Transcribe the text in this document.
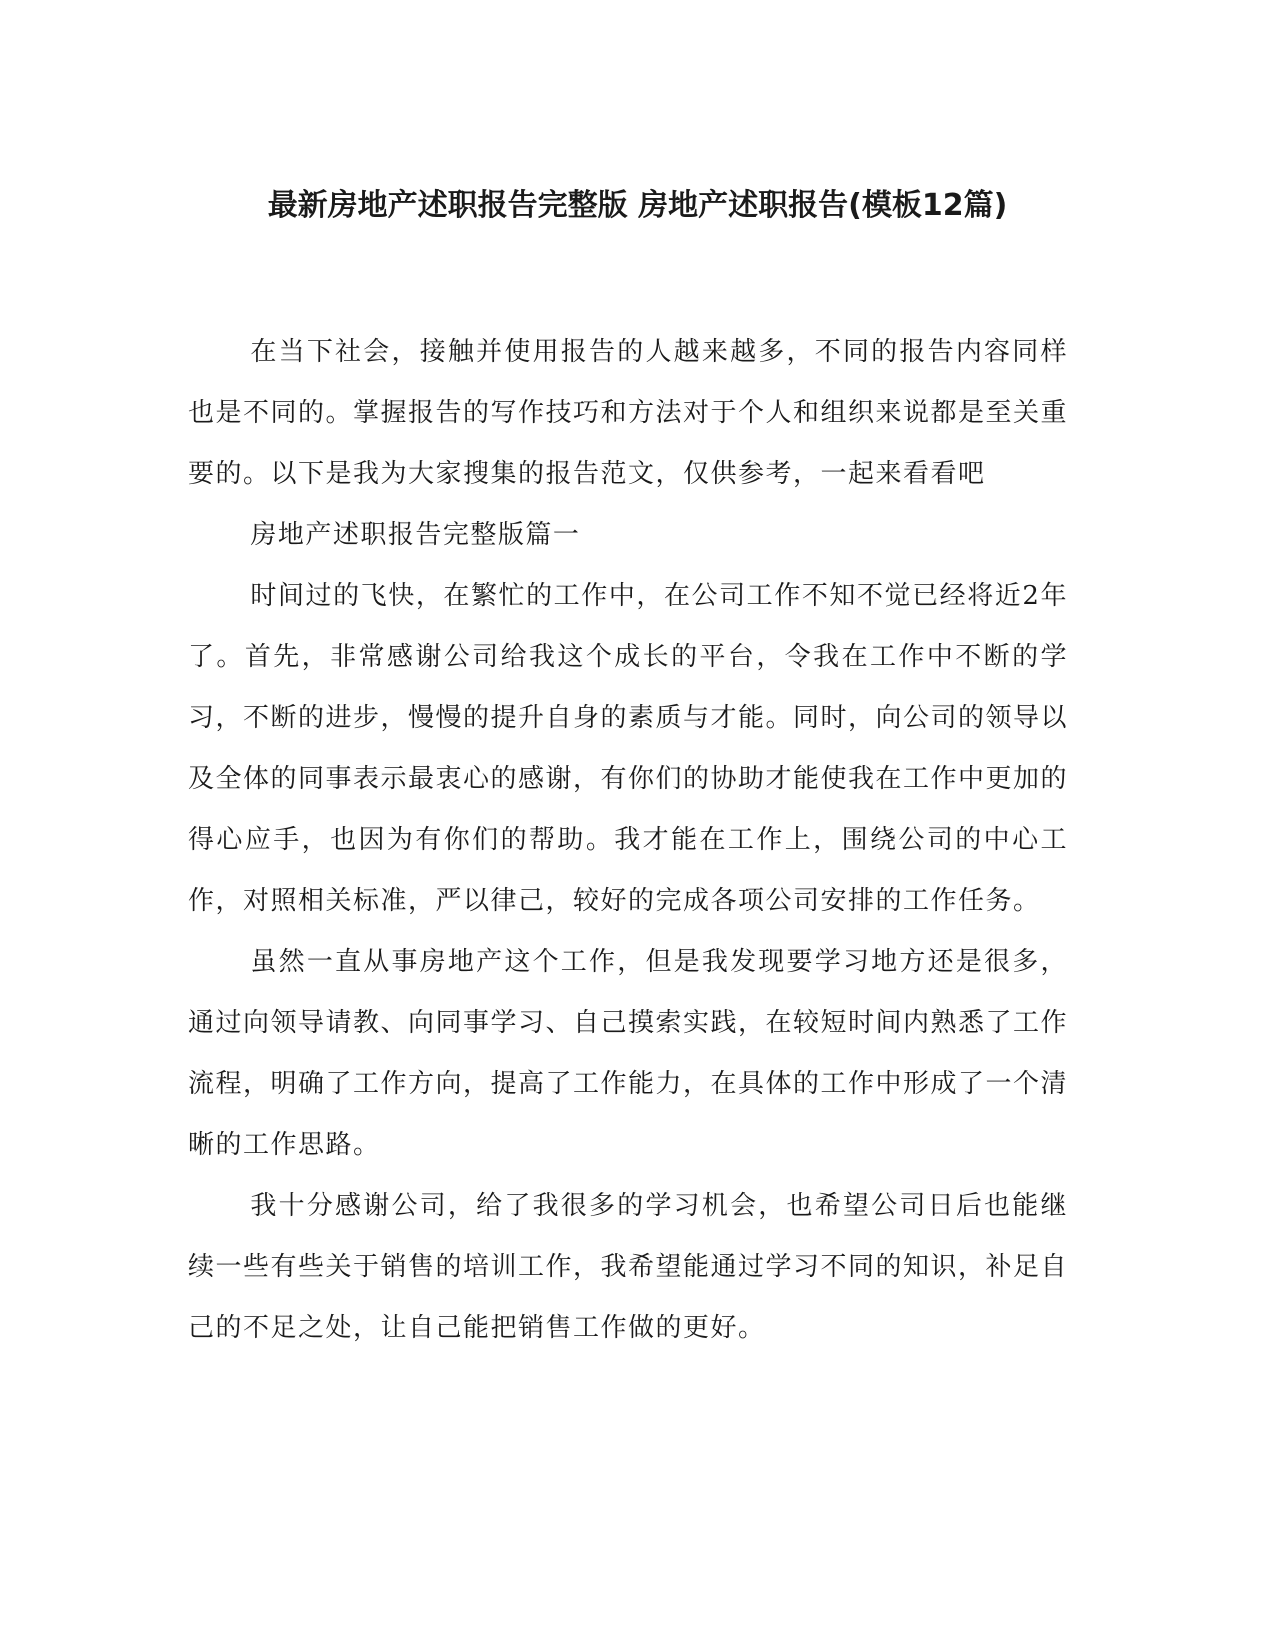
最新房地产述职报告完整版 房地产述职报告(模板12篇)

在当下社会，接触并使用报告的人越来越多，不同的报告内容同样也是不同的。掌握报告的写作技巧和方法对于个人和组织来说都是至关重要的。以下是我为大家搜集的报告范文，仅供参考，一起来看看吧

房地产述职报告完整版篇一

时间过的飞快，在繁忙的工作中，在公司工作不知不觉已经将近2年了。首先，非常感谢公司给我这个成长的平台，令我在工作中不断的学习，不断的进步，慢慢的提升自身的素质与才能。同时，向公司的领导以及全体的同事表示最衷心的感谢，有你们的协助才能使我在工作中更加的得心应手，也因为有你们的帮助。我才能在工作上，围绕公司的中心工作，对照相关标准，严以律己，较好的完成各项公司安排的工作任务。

虽然一直从事房地产这个工作，但是我发现要学习地方还是很多，通过向领导请教、向同事学习、自己摸索实践，在较短时间内熟悉了工作流程，明确了工作方向，提高了工作能力，在具体的工作中形成了一个清晰的工作思路。

我十分感谢公司，给了我很多的学习机会，也希望公司日后也能继续一些有些关于销售的培训工作，我希望能通过学习不同的知识，补足自己的不足之处，让自己能把销售工作做的更好。
